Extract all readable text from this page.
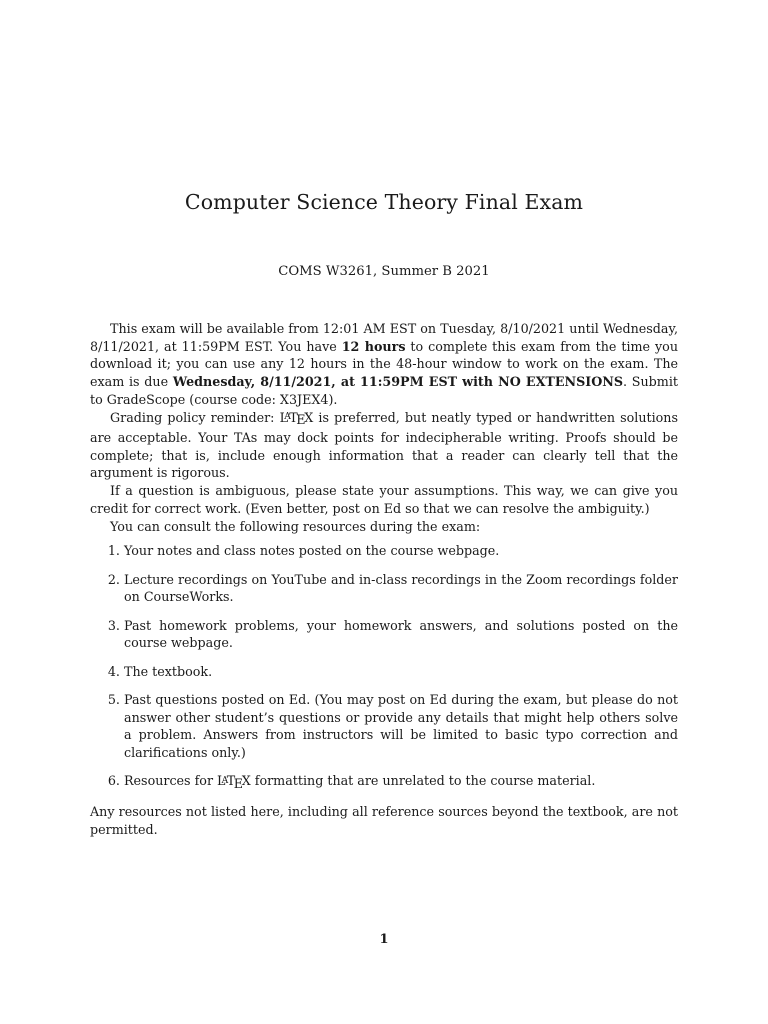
Computer Science Theory Final Exam
COMS W3261, Summer B 2021

This exam will be available from 12:01 AM EST on Tuesday, 8/10/2021 until Wednesday, 8/11/2021, at 11:59PM EST. You have 12 hours to complete this exam from the time you download it; you can use any 12 hours in the 48-hour window to work on the exam. The exam is due Wednesday, 8/11/2021, at 11:59PM EST with NO EXTENSIONS. Submit to GradeScope (course code: X3JEX4).

Grading policy reminder: LATEX is preferred, but neatly typed or handwritten solutions are acceptable. Your TAs may dock points for indecipherable writing. Proofs should be complete; that is, include enough information that a reader can clearly tell that the argument is rigorous.

If a question is ambiguous, please state your assumptions. This way, we can give you credit for correct work. (Even better, post on Ed so that we can resolve the ambiguity.)

You can consult the following resources during the exam:

1. Your notes and class notes posted on the course webpage.
2. Lecture recordings on YouTube and in-class recordings in the Zoom recordings folder on CourseWorks.
3. Past homework problems, your homework answers, and solutions posted on the course webpage.
4. The textbook.
5. Past questions posted on Ed. (You may post on Ed during the exam, but please do not answer other student’s questions or provide any details that might help others solve a problem. Answers from instructors will be limited to basic typo correction and clarifications only.)
6. Resources for LATEX formatting that are unrelated to the course material.

Any resources not listed here, including all reference sources beyond the textbook, are not permitted.

1
